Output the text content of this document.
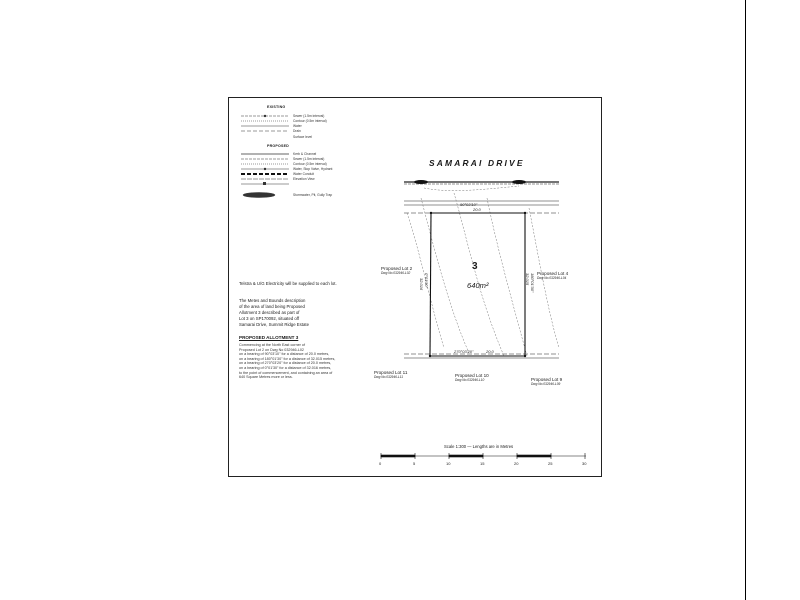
EXISTING
Sewer (1.5m interval)
Contour (0.5m interval)
Water
Drain
Surface level
PROPOSED
Kerb & Channel
Sewer (1.5m interval)
Contour (0.5m interval)
Water, Stop Valve, Hydrant
Water Conduit
Elevation View
Stormwater, Pit, Gully Trap
Telstra & U/G Electricity will be supplied to each lot.
The Metes and Bounds description
of the area of land being Proposed
Allotment 3 described as part of
Lot 3 on SP170092, situated off
Samarai Drive, Summit Ridge Estate
PROPOSED ALLOTMENT 3
Commencing at the North East corner of
Proposed Lot 2 on Dwg No 032946-L02
on a bearing of 90°03'10" for a distance of 20.0 metres,
on a bearing of 180°01'30" for a distance of 32.015 metres,
on a bearing of 270°03'20" for a distance of 20.0 metres,
on a bearing of 0°01'30" for a distance of 32.016 metres,
to the point of commencement, and containing an area of
640 Square Metres more or less.
SAMARAI DRIVE
3
640m²
90°03'10"
20.0
270°03'20"	20.0
32.016 0°01'30"	32.015 180°01'30"
Proposed Lot 2
Dwg No.032946-L02	Proposed Lot 4
Dwg No.032946-L04
Proposed Lot 11
Dwg No.032946-L11	Proposed Lot 10
Dwg No.032946-L10	Proposed Lot 9
Dwg No.032946-L09
Scale 1:300 — Lengths are in Metres
0	5	10	15	20	25	30
